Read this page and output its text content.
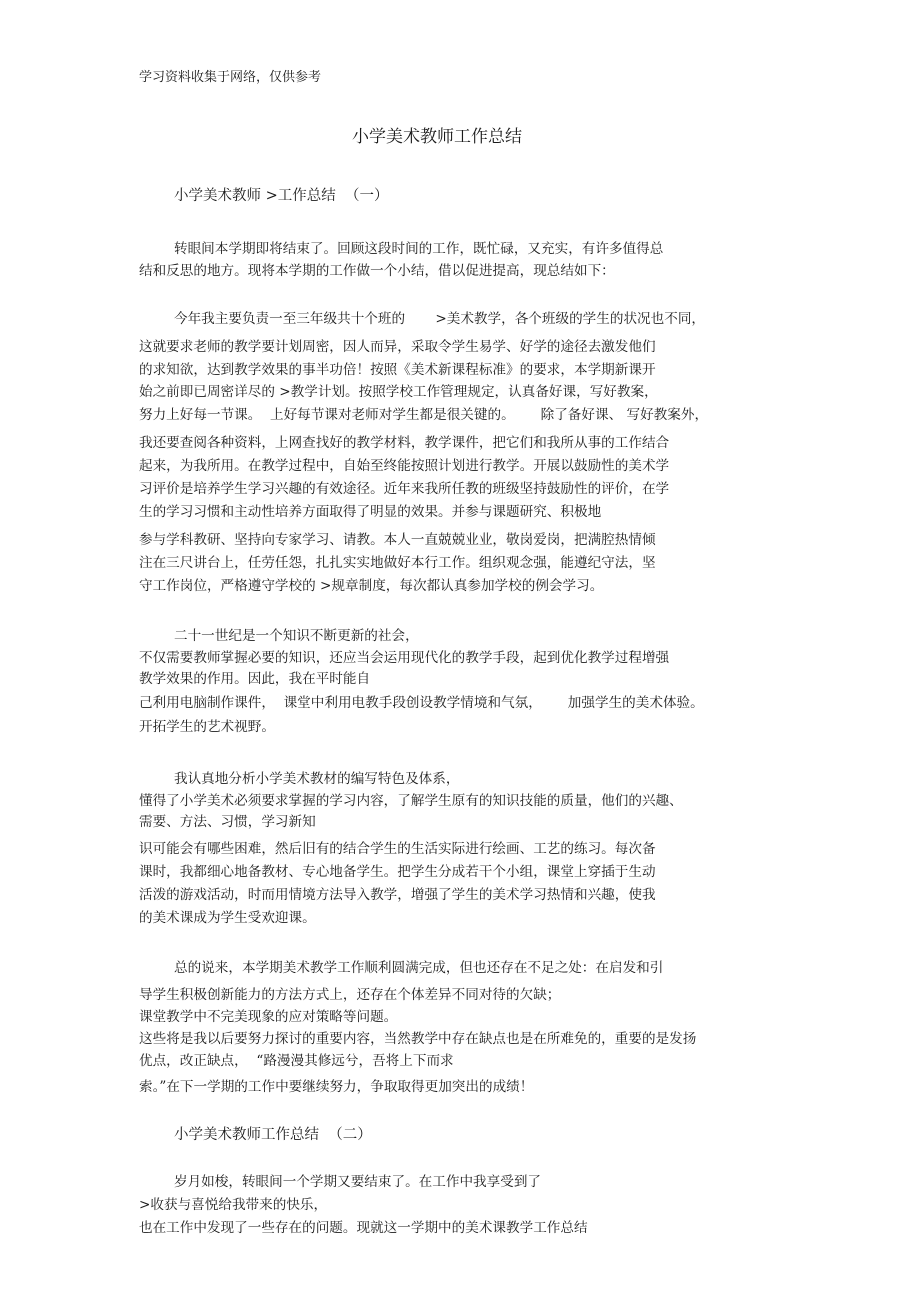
学习资料收集于网络，仅供参考
小学美术教师工作总结
小学美术教师 >工作总结  （一）
转眼间本学期即将结束了。回顾这段时间的工作，既忙碌，又充实，有许多值得总
结和反思的地方。现将本学期的工作做一个小结，借以促进提高，现总结如下：
今年我主要负责一至三年级共十个班的       >美术教学，各个班级的学生的状况也不同，
这就要求老师的教学要计划周密，因人而异，采取令学生易学、好学的途径去激发他们
的求知欲，达到教学效果的事半功倍！按照《美术新课程标准》的要求，本学期新课开
始之前即已周密详尽的 >教学计划。按照学校工作管理规定，认真备好课，写好教案，
努力上好每一节课。  上好每节课对老师对学生都是很关键的。      除了备好课、 写好教案外，
我还要查阅各种资料，上网查找好的教学材料，教学课件，把它们和我所从事的工作结合
起来，为我所用。在教学过程中，自始至终能按照计划进行教学。开展以鼓励性的美术学
习评价是培养学生学习兴趣的有效途径。近年来我所任教的班级坚持鼓励性的评价，在学
生的学习习惯和主动性培养方面取得了明显的效果。并参与课题研究、积极地
参与学科教研、坚持向专家学习、请教。本人一直兢兢业业，敬岗爱岗，把满腔热情倾
注在三尺讲台上，任劳任怨，扎扎实实地做好本行工作。组织观念强，能遵纪守法，坚
守工作岗位，严格遵守学校的 >规章制度，每次都认真参加学校的例会学习。
二十一世纪是一个知识不断更新的社会，
不仅需要教师掌握必要的知识，还应当会运用现代化的教学手段，起到优化教学过程增强
教学效果的作用。因此，我在平时能自
己利用电脑制作课件，  课堂中利用电教手段创设教学情境和气氛，      加强学生的美术体验。
开拓学生的艺术视野。
我认真地分析小学美术教材的编写特色及体系，
懂得了小学美术必须要求掌握的学习内容，了解学生原有的知识技能的质量，他们的兴趣、
需要、方法、习惯，学习新知
识可能会有哪些困难，然后旧有的结合学生的生活实际进行绘画、工艺的练习。每次备
课时，我都细心地备教材、专心地备学生。把学生分成若干个小组，课堂上穿插于生动
活泼的游戏活动，时而用情境方法导入教学，增强了学生的美术学习热情和兴趣，使我
的美术课成为学生受欢迎课。
总的说来，本学期美术教学工作顺利圆满完成，但也还存在不足之处：在启发和引
导学生积极创新能力的方法方式上，还存在个体差异不同对待的欠缺；
课堂教学中不完美现象的应对策略等问题。
这些将是我以后要努力探讨的重要内容，当然教学中存在缺点也是在所难免的，重要的是发扬
优点，改正缺点，  “路漫漫其修远兮，吾将上下而求
索。”在下一学期的工作中要继续努力，争取取得更加突出的成绩！
小学美术教师工作总结  （二）
岁月如梭，转眼间一个学期又要结束了。在工作中我享受到了
>收获与喜悦给我带来的快乐，
也在工作中发现了一些存在的问题。现就这一学期中的美术课教学工作总结
